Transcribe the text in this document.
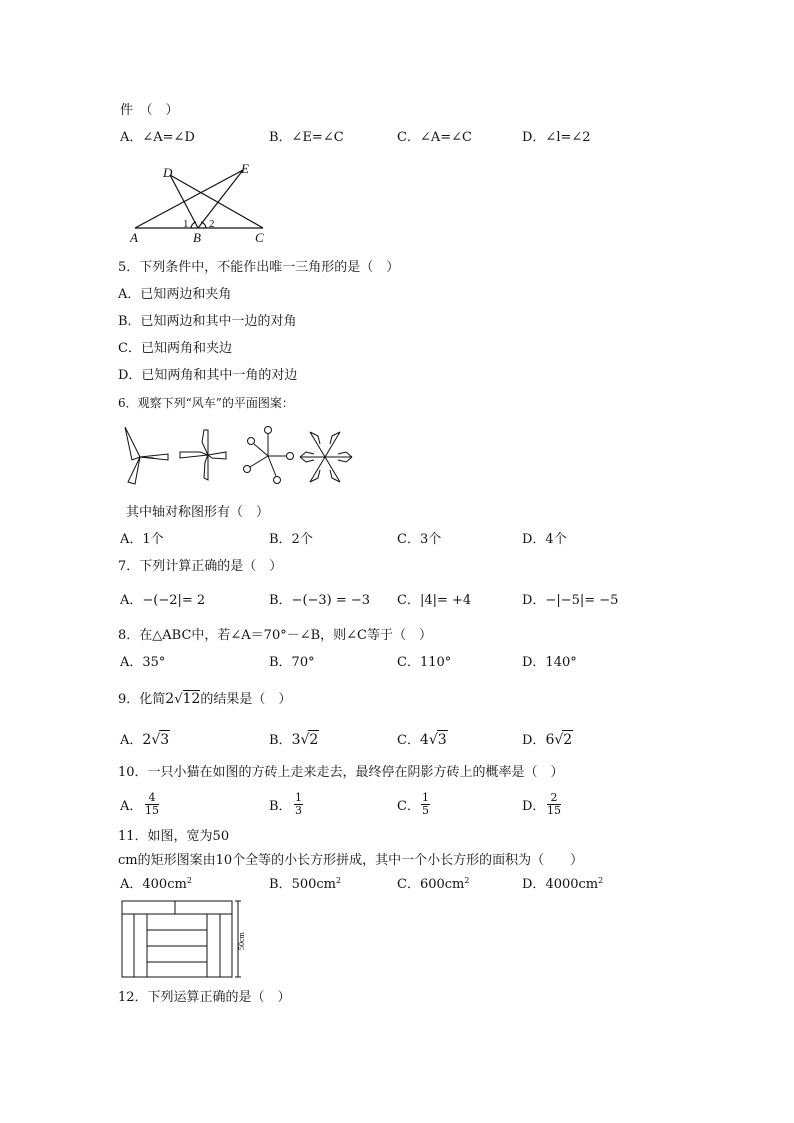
件　（　）
A．∠A=∠D	B．∠E=∠C	C．∠A=∠C	D．∠l=∠2
D	E
A	B	C
1 2
5．下列条件中，不能作出唯一三角形的是（　）
A．已知两边和夹角
B．已知两边和其中一边的对角
C．已知两角和夹边
D．已知两角和其中一角的对边
6．观察下列“风车”的平面图案：
其中轴对称图形有（　）
A．1个	B．2个	C．3个	D．4个
7．下列计算正确的是（　）
A．−(−2|= 2	B．−(−3) = −3 C．|4|= +4	D．−|−5|= −5
8．在△ABC中，若∠A＝70°－∠B，则∠C等于（　）
A．35°	B．70°	C．110°	D．140°
9．化简2√12的结果是（　）
A．2√3	B．3√2	C．4√3	D．6√2
10．一只小猫在如图的方砖上走来走去，最终停在阴影方砖上的概率是（　）
A． $\frac{4}{15}$	B． $\frac{1}{3}$	C． $\frac{1}{5}$	D． $\frac{2}{15}$
11．如图，宽为50
cm的矩形图案由10个全等的小长方形拼成，其中一个小长方形的面积为（　　）
A．$400cm^2$	B．$500cm^2$	C．$600cm^2$	D．$4000cm^2$
50cm
12．下列运算正确的是（　）
